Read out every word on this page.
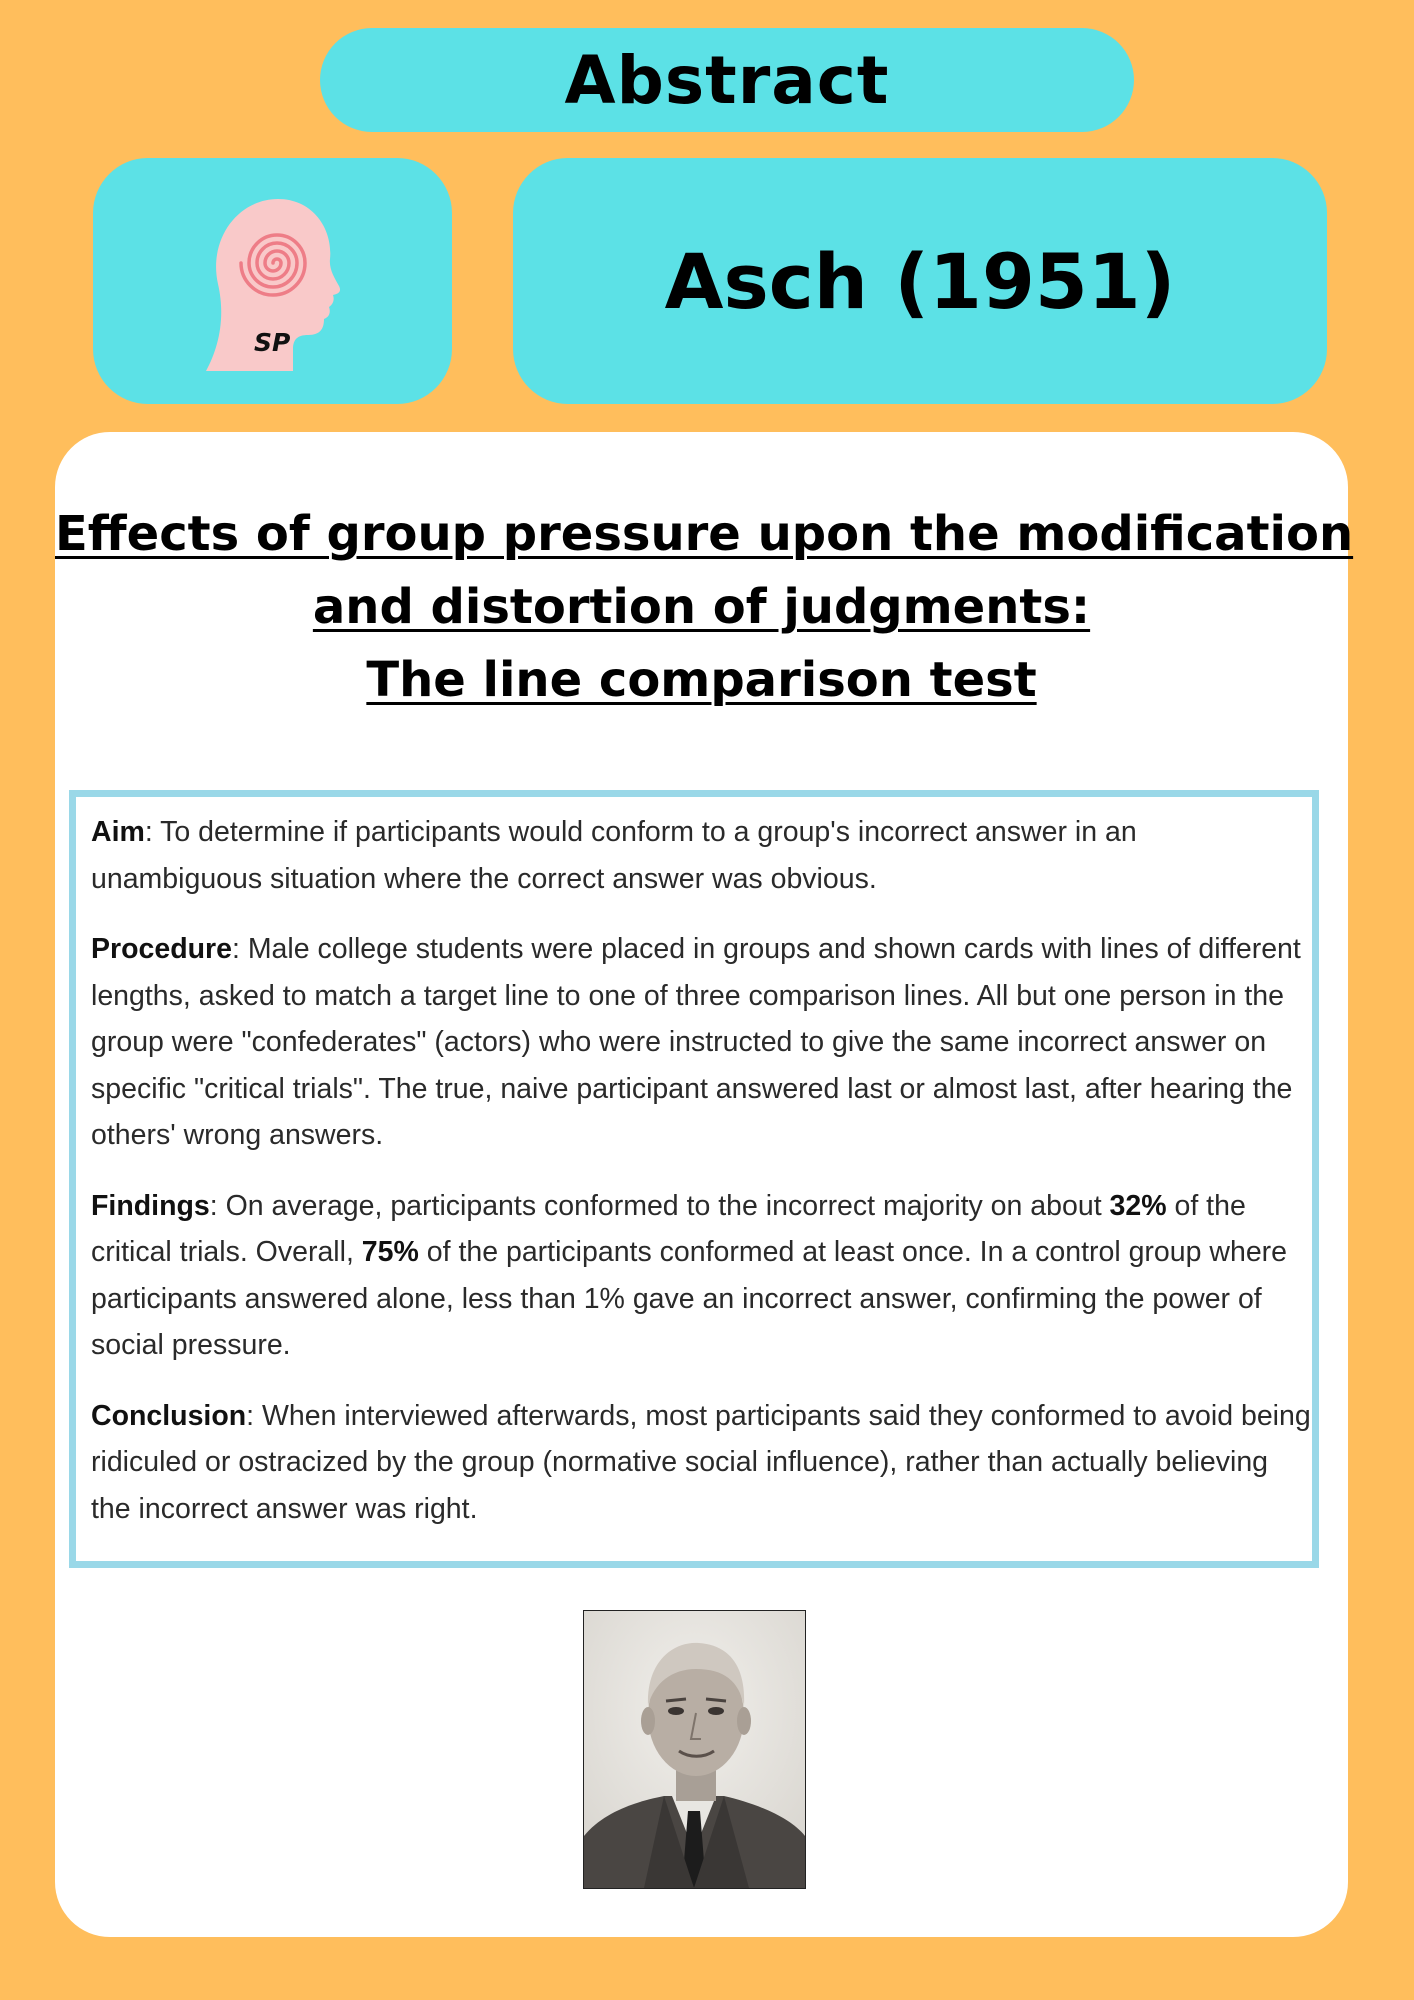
Abstract
SP
Asch (1951)
Effects of group pressure upon the modification
and distortion of judgments:
The line comparison test

Aim: To determine if participants would conform to a group's incorrect answer in an unambiguous situation where the correct answer was obvious.

Procedure: Male college students were placed in groups and shown cards with lines of different lengths, asked to match a target line to one of three comparison lines. All but one person in the group were "confederates" (actors) who were instructed to give the same incorrect answer on specific "critical trials". The true, naive participant answered last or almost last, after hearing the others' wrong answers.

Findings: On average, participants conformed to the incorrect majority on about 32% of the critical trials. Overall, 75% of the participants conformed at least once. In a control group where participants answered alone, less than 1% gave an incorrect answer, confirming the power of social pressure.

Conclusion: When interviewed afterwards, most participants said they conformed to avoid being ridiculed or ostracized by the group (normative social influence), rather than actually believing the incorrect answer was right.
